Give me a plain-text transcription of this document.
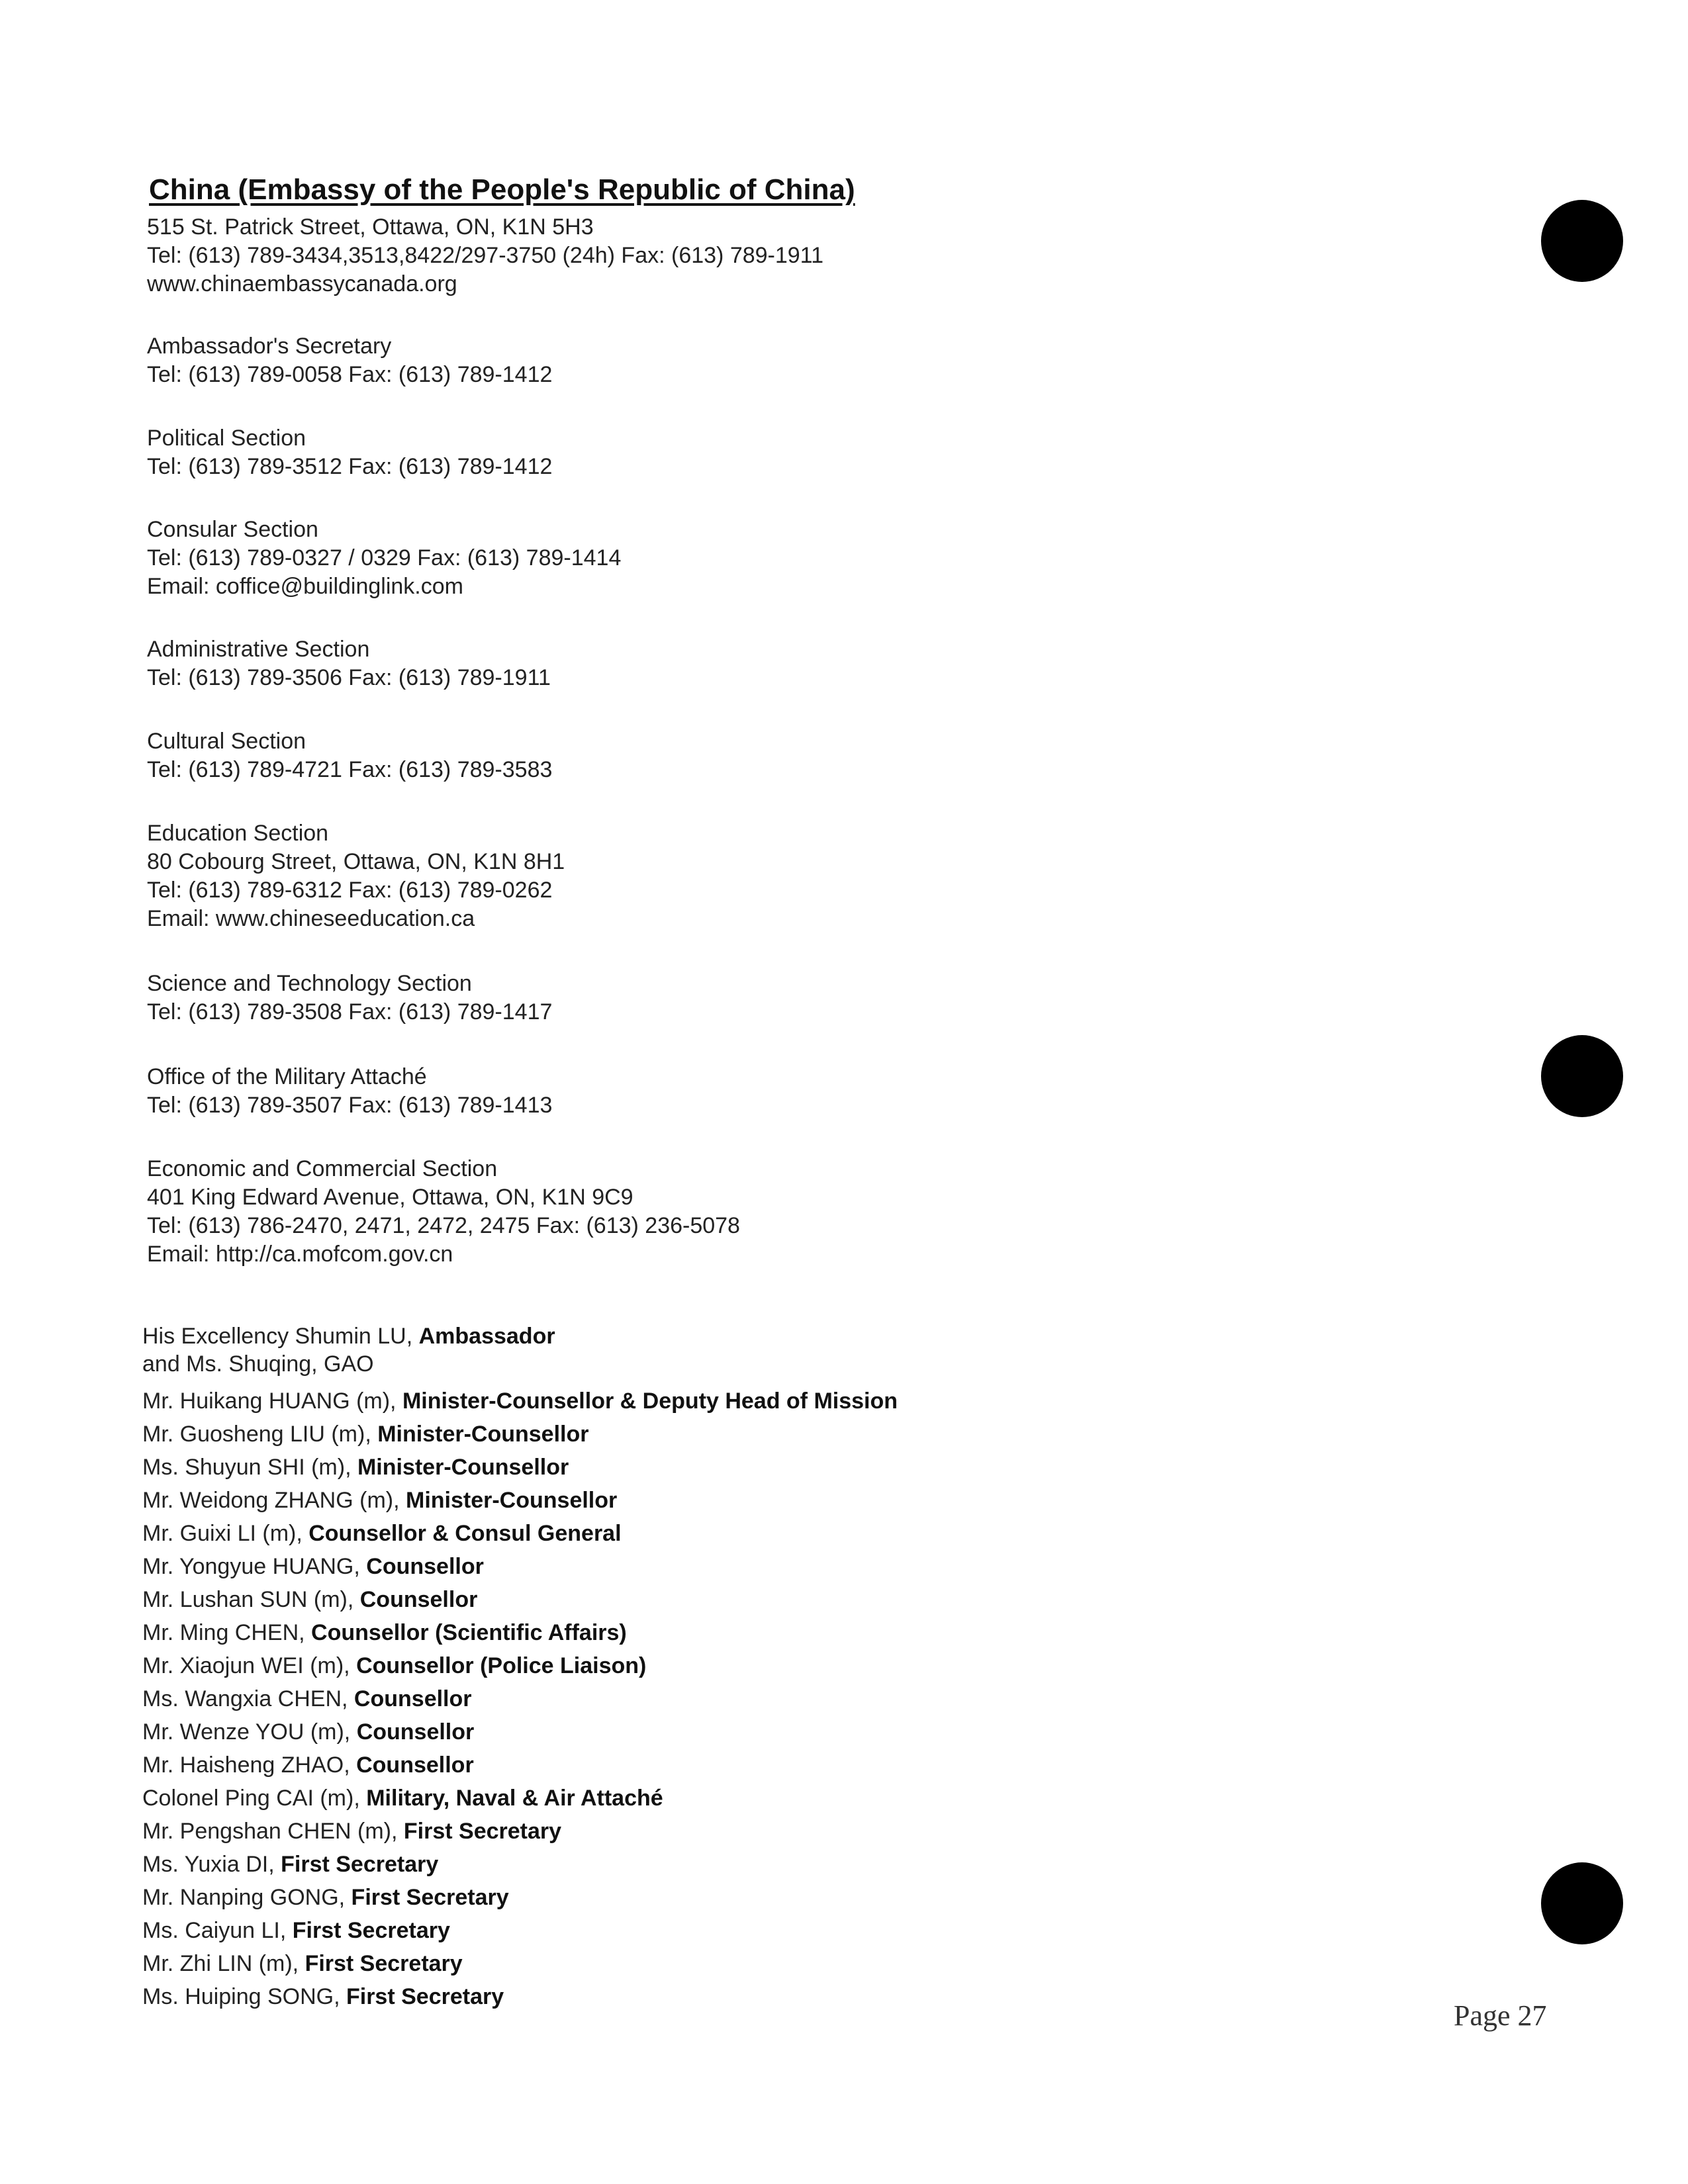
China (Embassy of the People's Republic of China)
515 St. Patrick Street, Ottawa, ON, K1N 5H3
Tel: (613) 789-3434,3513,8422/297-3750 (24h) Fax: (613) 789-1911
www.chinaembassycanada.org
Ambassador's Secretary
Tel: (613) 789-0058 Fax: (613) 789-1412
Political Section
Tel: (613) 789-3512 Fax: (613) 789-1412
Consular Section
Tel: (613) 789-0327 / 0329 Fax: (613) 789-1414
Email: coffice@buildinglink.com
Administrative Section
Tel: (613) 789-3506 Fax: (613) 789-1911
Cultural Section
Tel: (613) 789-4721 Fax: (613) 789-3583
Education Section
80 Cobourg Street, Ottawa, ON, K1N 8H1
Tel: (613) 789-6312 Fax: (613) 789-0262
Email: www.chineseeducation.ca
Science and Technology Section
Tel: (613) 789-3508 Fax: (613) 789-1417
Office of the Military Attaché
Tel: (613) 789-3507 Fax: (613) 789-1413
Economic and Commercial Section
401 King Edward Avenue, Ottawa, ON, K1N 9C9
Tel: (613) 786-2470, 2471, 2472, 2475 Fax: (613) 236-5078
Email: http://ca.mofcom.gov.cn
His Excellency Shumin LU, Ambassador
and Ms. Shuqing, GAO
Mr. Huikang HUANG (m), Minister-Counsellor & Deputy Head of Mission
Mr. Guosheng LIU (m), Minister-Counsellor
Ms. Shuyun SHI (m), Minister-Counsellor
Mr. Weidong ZHANG (m), Minister-Counsellor
Mr. Guixi LI (m), Counsellor & Consul General
Mr. Yongyue HUANG, Counsellor
Mr. Lushan SUN (m), Counsellor
Mr. Ming CHEN, Counsellor (Scientific Affairs)
Mr. Xiaojun WEI (m), Counsellor (Police Liaison)
Ms. Wangxia CHEN, Counsellor
Mr. Wenze YOU (m), Counsellor
Mr. Haisheng ZHAO, Counsellor
Colonel Ping CAI (m), Military, Naval & Air Attaché
Mr. Pengshan CHEN (m), First Secretary
Ms. Yuxia DI, First Secretary
Mr. Nanping GONG, First Secretary
Ms. Caiyun LI, First Secretary
Mr. Zhi LIN (m), First Secretary
Ms. Huiping SONG, First Secretary
Page 27
